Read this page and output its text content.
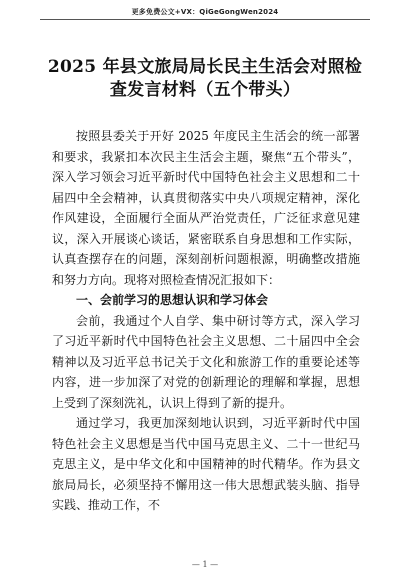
更多免费公文+VX：QiGeGongWen2024
2025 年县文旅局局长民主生活会对照检
查发言材料（五个带头）

按照县委关于开好 2025 年度民主生活会的统一部署和要求，我紧扣本次民主生活会主题，聚焦“五个带头”，深入学习领会习近平新时代中国特色社会主义思想和二十届四中全会精神，认真贯彻落实中央八项规定精神，深化作风建设，全面履行全面从严治党责任，广泛征求意见建议，深入开展谈心谈话，紧密联系自身思想和工作实际，认真查摆存在的问题，深刻剖析问题根源，明确整改措施和努力方向。现将对照检查情况汇报如下：

一、会前学习的思想认识和学习体会

会前，我通过个人自学、集中研讨等方式，深入学习了习近平新时代中国特色社会主义思想、二十届四中全会精神以及习近平总书记关于文化和旅游工作的重要论述等内容，进一步加深了对党的创新理论的理解和掌握，思想上受到了深刻洗礼，认识上得到了新的提升。

通过学习，我更加深刻地认识到，习近平新时代中国特色社会主义思想是当代中国马克思主义、二十一世纪马克思主义，是中华文化和中国精神的时代精华。作为县文旅局局长，必须坚持不懈用这一伟大思想武装头脑、指导实践、推动工作，不

— 1 —
